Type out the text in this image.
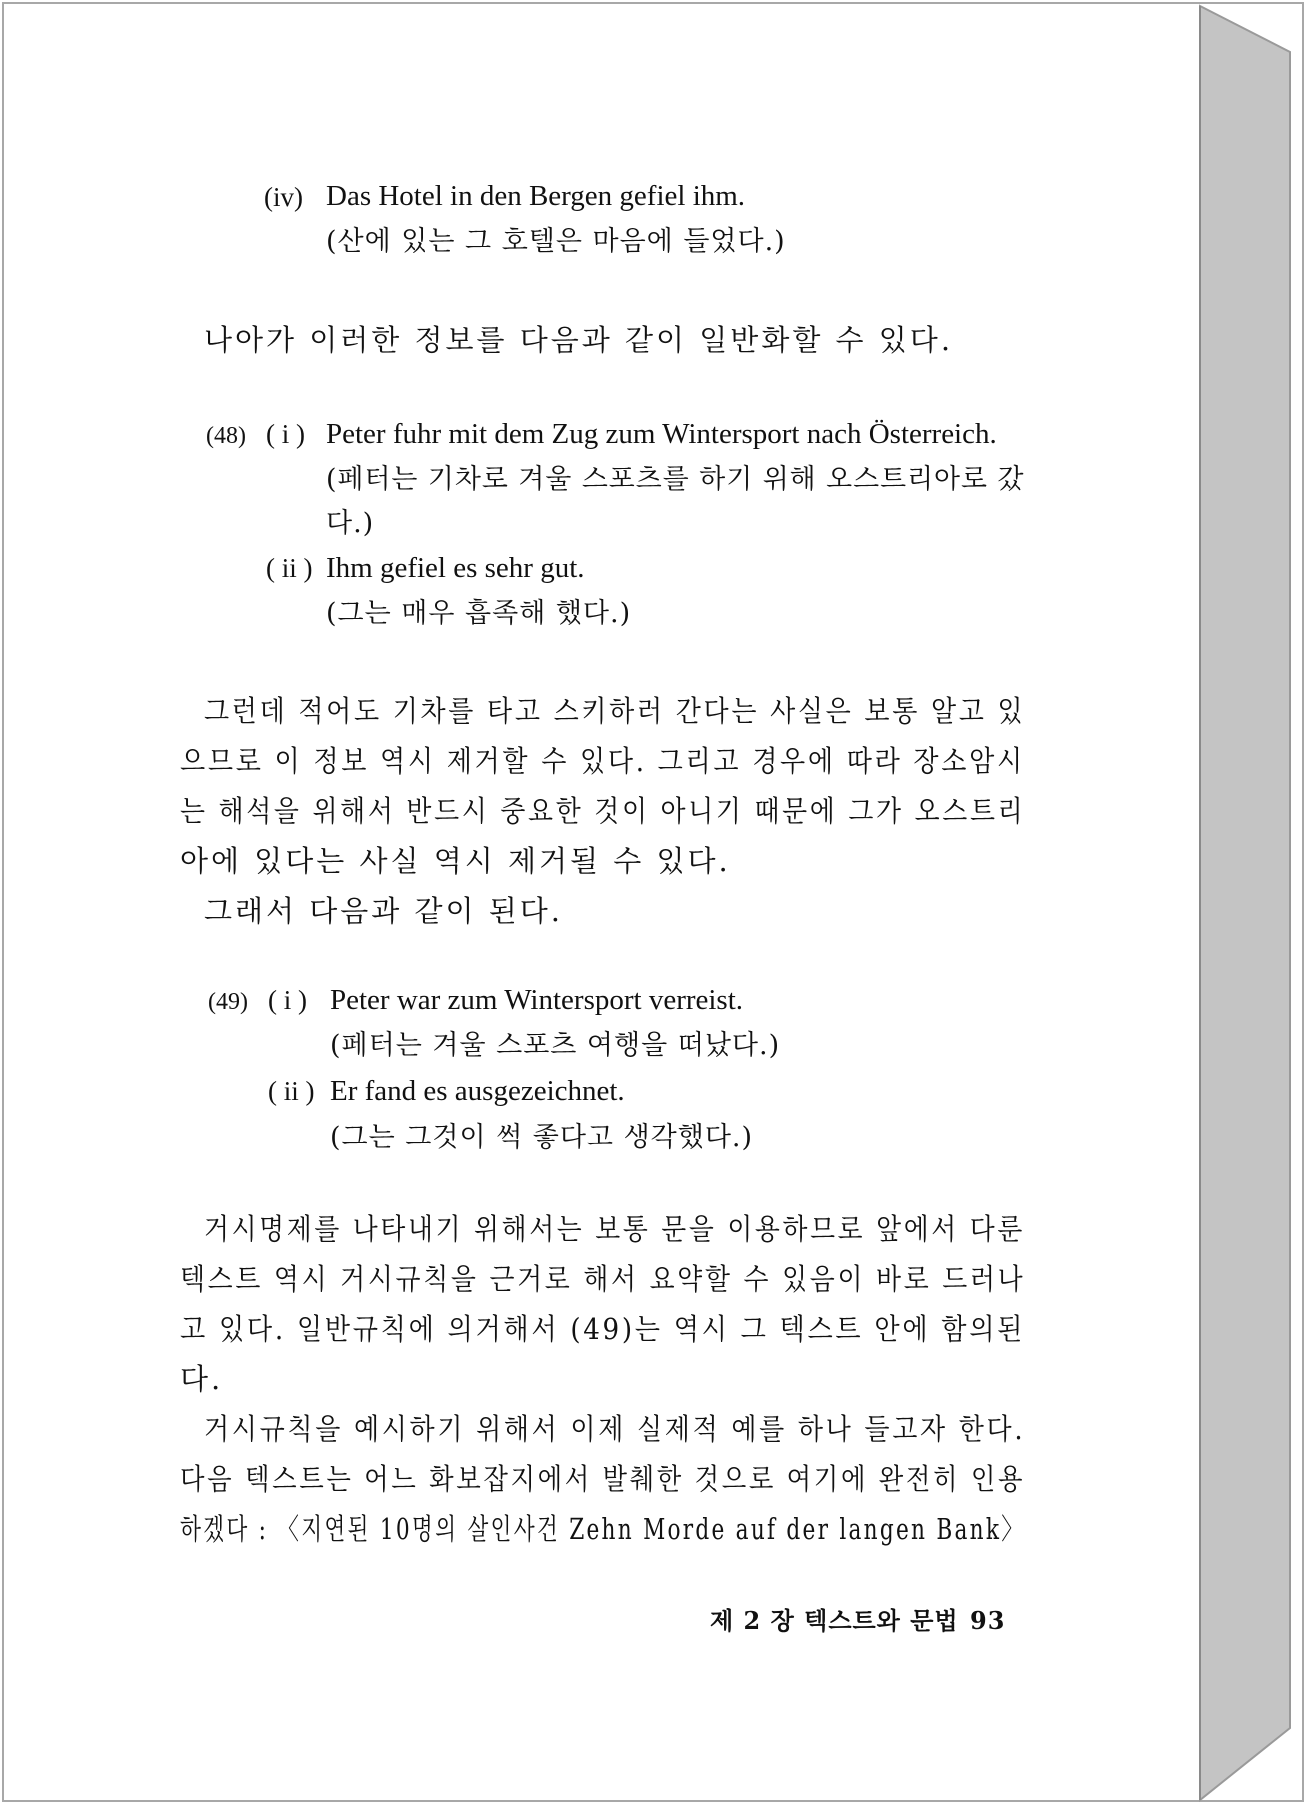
(iv) Das Hotel in den Bergen gefiel ihm.
(산에 있는 그 호텔은 마음에 들었다.)
나아가 이러한 정보를 다음과 같이 일반화할 수 있다.
(48) ( i ) Peter fuhr mit dem Zug zum Wintersport nach Österreich.
(페터는 기차로 겨울 스포츠를 하기 위해 오스트리아로 갔
다.)
( ii ) Ihm gefiel es sehr gut.
(그는 매우 흡족해 했다.)
그런데 적어도 기차를 타고 스키하러 간다는 사실은 보통 알고 있
으므로 이 정보 역시 제거할 수 있다. 그리고 경우에 따라 장소암시
는 해석을 위해서 반드시 중요한 것이 아니기 때문에 그가 오스트리
아에 있다는 사실 역시 제거될 수 있다.
그래서 다음과 같이 된다.
(49) ( i ) Peter war zum Wintersport verreist.
(페터는 겨울 스포츠 여행을 떠났다.)
( ii ) Er fand es ausgezeichnet.
(그는 그것이 썩 좋다고 생각했다.)
거시명제를 나타내기 위해서는 보통 문을 이용하므로 앞에서 다룬
텍스트 역시 거시규칙을 근거로 해서 요약할 수 있음이 바로 드러나
고 있다. 일반규칙에 의거해서 (49)는 역시 그 텍스트 안에 함의된
다.
거시규칙을 예시하기 위해서 이제 실제적 예를 하나 들고자 한다.
다음 텍스트는 어느 화보잡지에서 발췌한 것으로 여기에 완전히 인용
하겠다 : 〈지연된 10명의 살인사건 Zehn Morde auf der langen Bank〉
제 2 장 텍스트와 문법 93
